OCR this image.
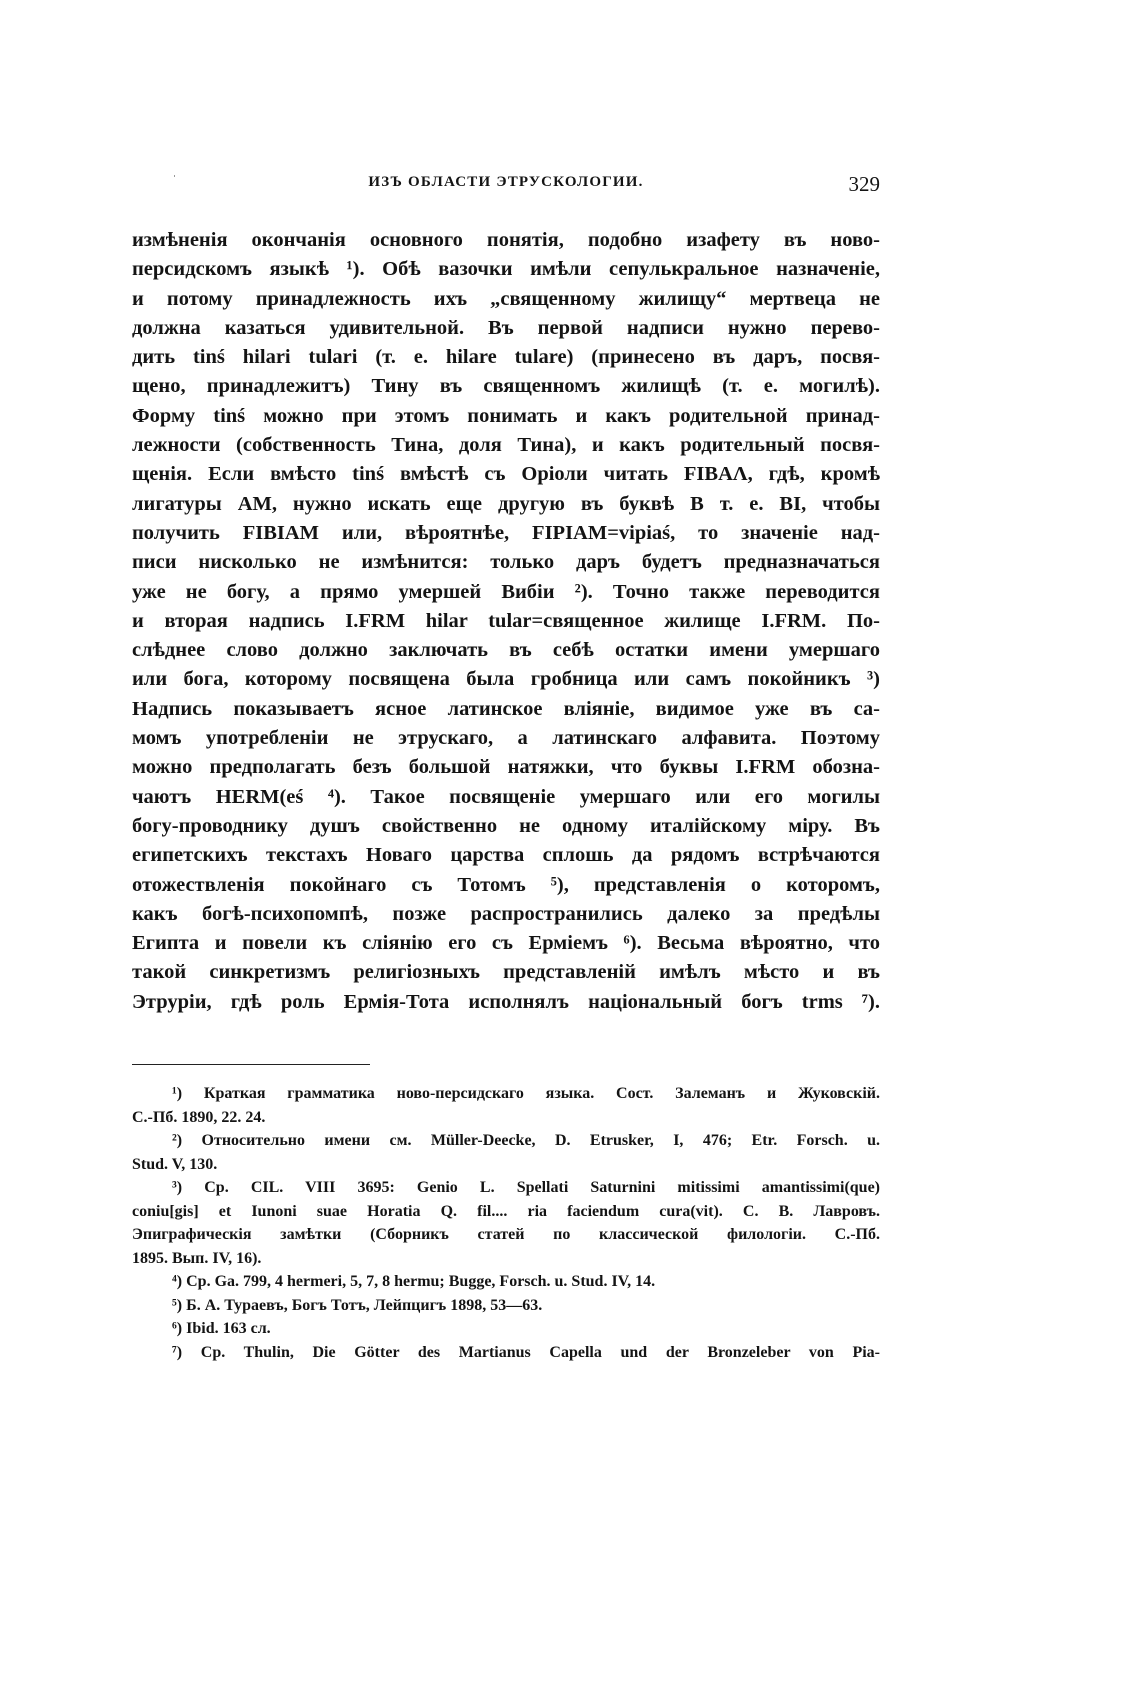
ИЗЪ ОБЛАСТИ ЭТРУСКОЛОГИИ.	329
измѣненія окончанія основного понятія, подобно изафету въ ново-
персидскомъ языкѣ ¹). Обѣ вазочки имѣли сепулькральное назначеніе,
и потому принадлежность ихъ „священному жилищу“ мертвеца не
должна казаться удивительной. Въ первой надписи нужно перево-
дить tinś hilari tulari (т. е. hilare tulare) (принесено въ даръ, посвя-
щено, принадлежитъ) Тину въ священномъ жилищѣ (т. е. могилѣ).
Форму tinś можно при этомъ понимать и какъ родительной принад-
лежности (собственность Тина, доля Тина), и какъ родительный посвя-
щенія. Если вмѣсто tinś вмѣстѣ съ Оріоли читать FIBAΛ, гдѣ, кромѣ
лигатуры AM, нужно искать еще другую въ буквѣ В т. е. BI, чтобы
получить FIBIAM или, вѣроятнѣе, FIPIAM=vipiaś, то значеніе над-
писи нисколько не измѣнится: только даръ будетъ предназначаться
уже не богу, а прямо умершей Вибіи ²). Точно также переводится
и вторая надпись I.FRM hilar tular=священное жилище I.FRM. По-
слѣднее слово должно заключать въ себѣ остатки имени умершаго
или бога, которому посвящена была гробница или самъ покойникъ ³)
Надпись показываетъ ясное латинское вліяніе, видимое уже въ са-
момъ употребленіи не этрускаго, а латинскаго алфавита. Поэтому
можно предполагать безъ большой натяжки, что буквы I.FRM обозна-
чаютъ HERM(eś ⁴). Такое посвященіе умершаго или его могилы
богу-проводнику душъ свойственно не одному италійскому міру. Въ
египетскихъ текстахъ Новаго царства сплошь да рядомъ встрѣчаются
отожествленія покойнаго съ Тотомъ ⁵), представленія о которомъ,
какъ богѣ-психопомпѣ, позже распространились далеко за предѣлы
Египта и повели къ сліянію его съ Ерміемъ ⁶). Весьма вѣроятно, что
такой синкретизмъ религіозныхъ представленій имѣлъ мѣсто и въ
Этруріи, гдѣ роль Ермія-Тота исполнялъ національный богъ trms ⁷).
¹) Краткая грамматика ново-персидскаго языка. Сост. Залеманъ и Жуковскій.
С.-Пб. 1890, 22. 24.
²) Относительно имени см. Müller-Deecke, D. Etrusker, I, 476; Etr. Forsch. u.
Stud. V, 130.
³) Cp. CIL. VIII 3695: Genio L. Spellati Saturnini mitissimi amantissimi(que)
coniu[gis] et Iunoni suae Horatia Q. fil.... ria faciendum cura(vit). С. В. Лавровъ.
Эпиграфическія замѣтки (Сборникъ статей по классической филологіи. С.-Пб.
1895. Вып. IV, 16).
⁴) Cp. Ga. 799, 4 hermeri, 5, 7, 8 hermu; Bugge, Forsch. u. Stud. IV, 14.
⁵) Б. А. Тураевъ, Богъ Тотъ, Лейпцигъ 1898, 53—63.
⁶) Ibid. 163 сл.
⁷) Cp. Thulin, Die Götter des Martianus Capella und der Bronzeleber von Pia-
